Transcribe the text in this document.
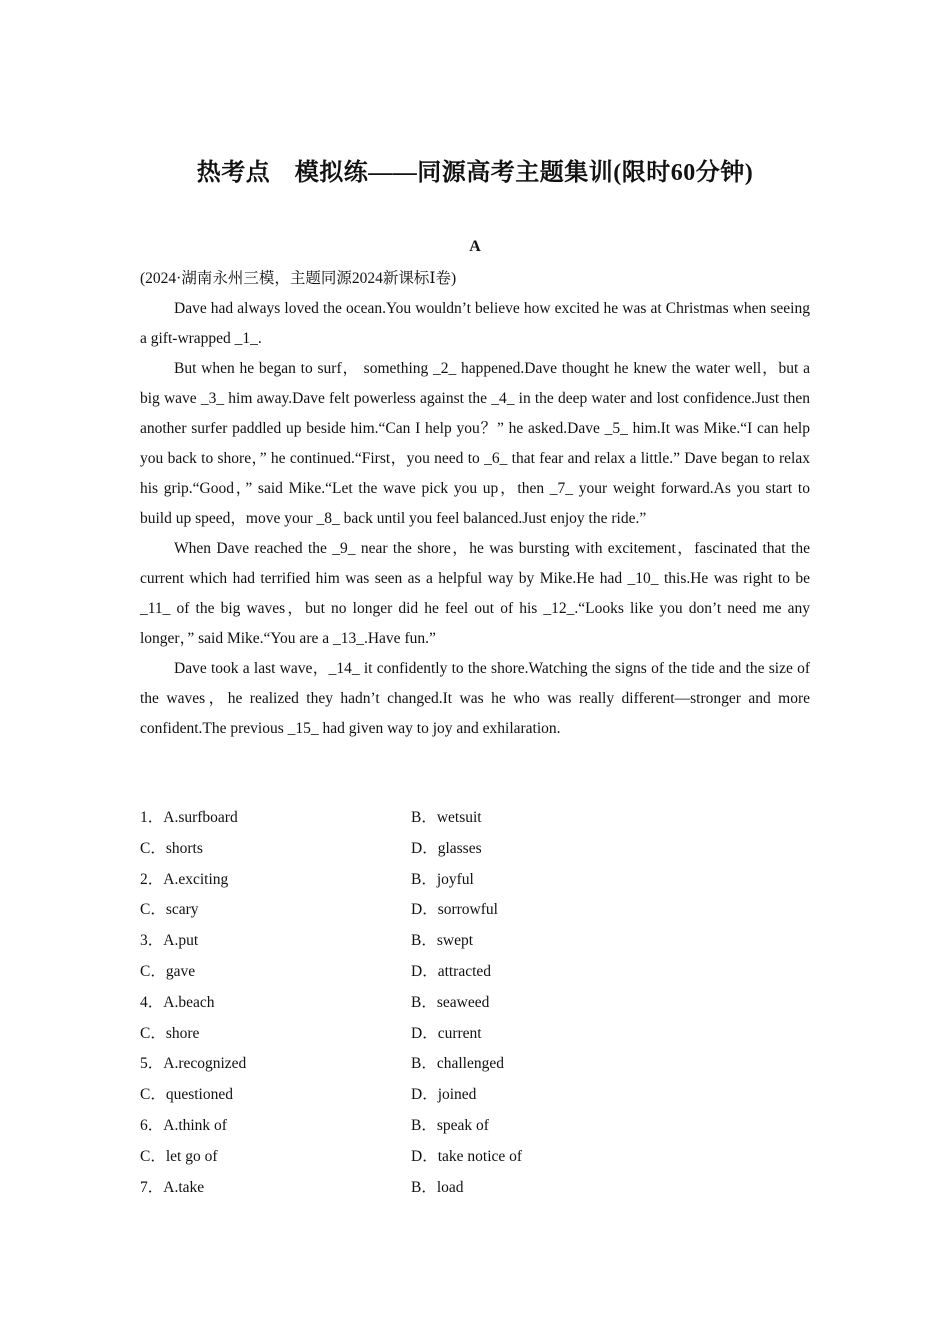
热考点　模拟练——同源高考主题集训(限时60分钟)
A
(2024·湖南永州三模，主题同源2024新课标Ⅰ卷)

Dave had always loved the ocean.You wouldn’t believe how excited he was at Christmas when seeing a gift-wrapped _1_.

But when he began to surf， something _2_ happened.Dave thought he knew the water well，but a big wave _3_ him away.Dave felt powerless against the _4_ in the deep water and lost confidence.Just then another surfer paddled up beside him.“Can I help you？” he asked.Dave _5_ him.It was Mike.“I can help you back to shore，” he continued.“First，you need to _6_ that fear and relax a little.” Dave began to relax his grip.“Good，” said Mike.“Let the wave pick you up，then _7_ your weight forward.As you start to build up speed，move your _8_ back until you feel balanced.Just enjoy the ride.”

When Dave reached the _9_ near the shore，he was bursting with excitement，fascinated that the current which had terrified him was seen as a helpful way by Mike.He had _10_ this.He was right to be _11_ of the big waves，but no longer did he feel out of his _12_.“Looks like you don’t need me any longer，” said Mike.“You are a _13_.Have fun.”

Dave took a last wave，_14_ it confidently to the shore.Watching the signs of the tide and the size of the waves，he realized they hadn’t changed.It was he who was really different—stronger and more confident.The previous _15_ had given way to joy and exhilaration.

1．A.surfboard	B．wetsuit
C．shorts	D．glasses
2．A.exciting	B．joyful
C．scary	D．sorrowful
3．A.put	B．swept
C．gave	D．attracted
4．A.beach	B．seaweed
C．shore	D．current
5．A.recognized	B．challenged
C．questioned	D．joined
6．A.think of	B．speak of
C．let go of	D．take notice of
7．A.take	B．load
